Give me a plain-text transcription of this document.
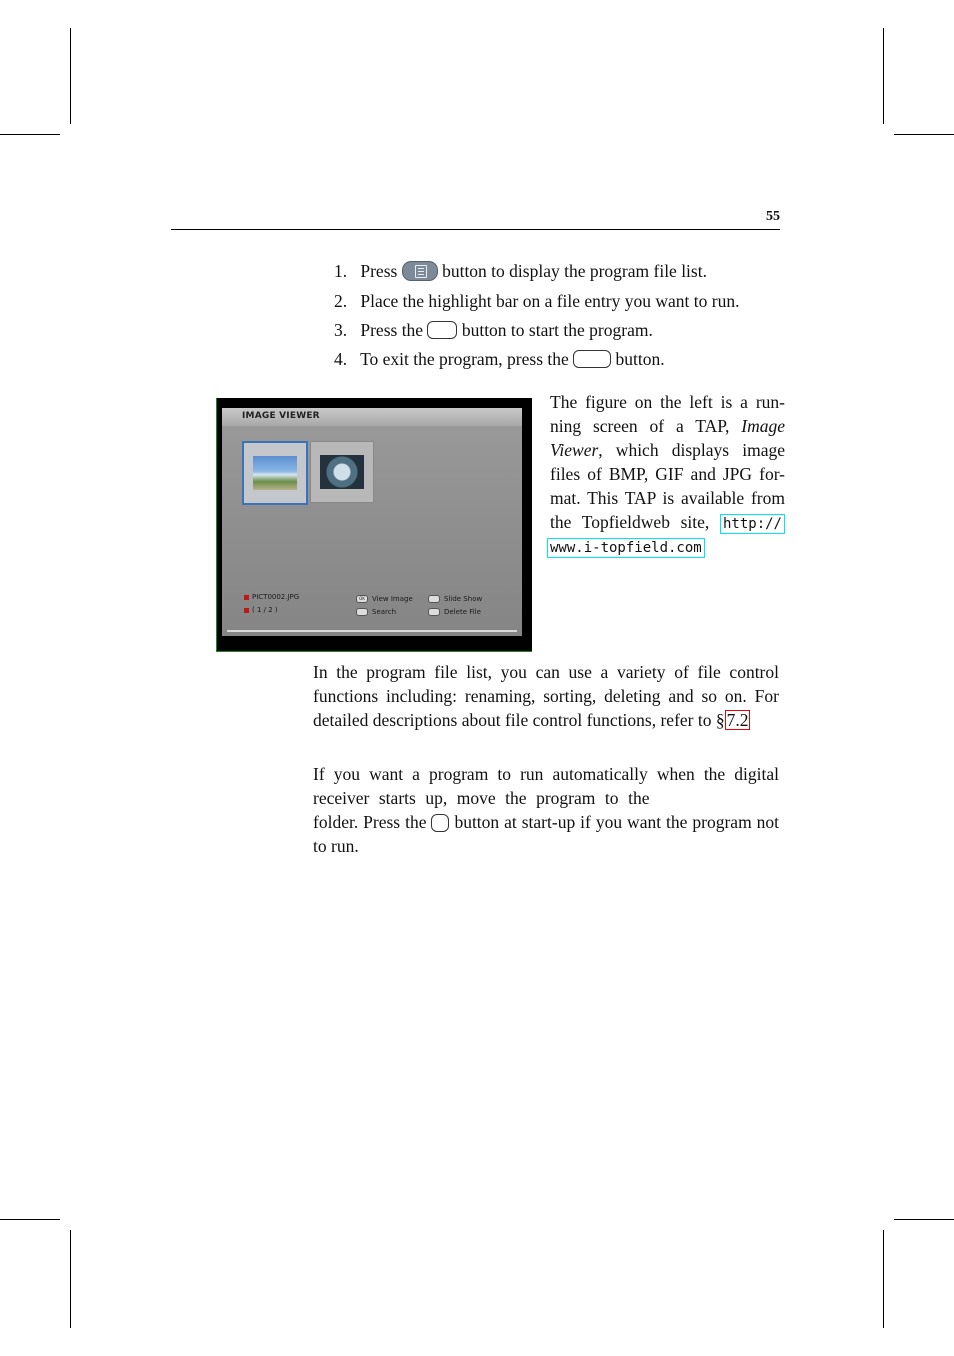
55
1. Press	button to display the program file list.
2. Place the highlight bar on a file entry you want to run.
3. Press the button to start the program.
4. To exit the program, press the	button.
IMAGE VIEWER
PICT0002.JPG
( 1 / 2 )
OK View Image
Search
Slide Show
Delete File
The figure on the left is a run-
ning screen of a TAP, Image
Viewer, which displays image
files of BMP, GIF and JPG for-
mat. This TAP is available from
the Topfieldweb site, http://
www.i-topfield.com
In the program file list, you can use a variety of file control functions including: renaming, sorting, deleting and so on. For detailed descriptions about file control functions, refer to § 7.2
If you want a program to run automatically when the digital receiver starts up, move the program to the  folder. Press the button at start-up if you want the program not to run.
